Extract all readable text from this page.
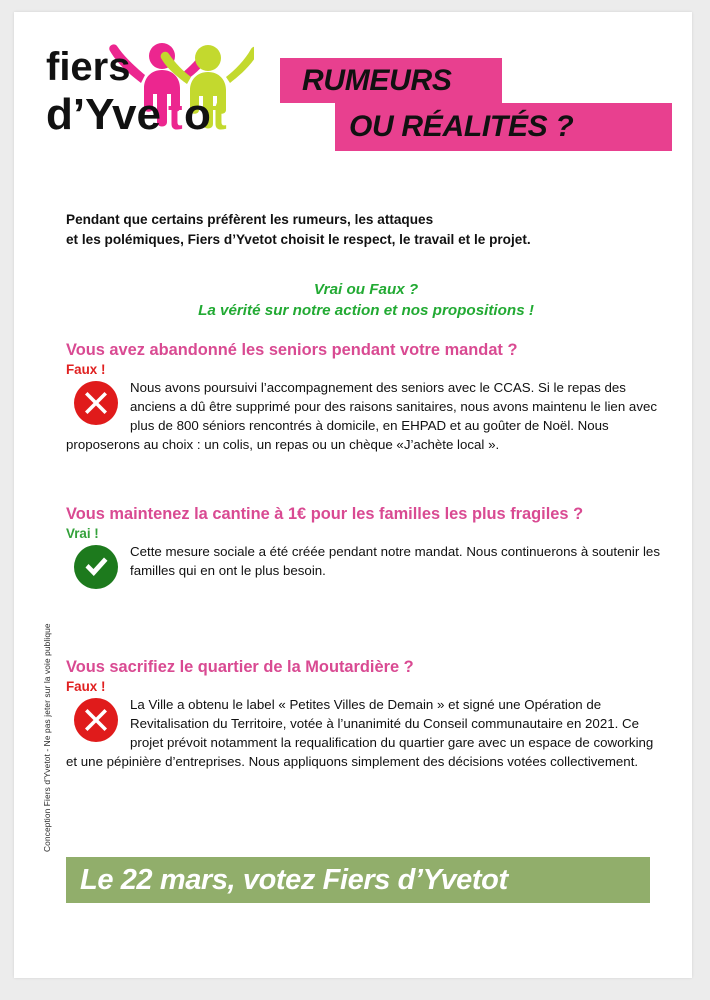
Conception Fiers d’Yvetot - Ne pas jeter sur la voie publique
fiers
d’Yve t o t
RUMEURS
OU RÉALITÉS ?
Pendant que certains préfèrent les rumeurs, les attaques
et les polémiques, Fiers d’Yvetot choisit le respect, le travail et le projet.
Vrai ou Faux ?
La vérité sur notre action et nos propositions !

Vous avez abandonné les seniors pendant votre mandat ?

Faux !

Nous avons poursuivi l’accompagnement des seniors avec le CCAS. Si le repas des anciens a dû être supprimé pour des raisons sanitaires, nous avons maintenu le lien avec plus de 800 séniors rencontrés à domicile, en EHPAD et au goûter de Noël. Nous proposerons au choix : un colis, un repas ou un chèque «J’achète local ».

Vous maintenez la cantine à 1€ pour les familles les plus fragiles ?

Vrai !

Cette mesure sociale a été créée pendant notre mandat. Nous continuerons à soutenir les familles qui en ont le plus besoin.

Vous sacrifiez le quartier de la Moutardière ?

Faux !

La Ville a obtenu le label « Petites Villes de Demain » et signé une Opération de Revitalisation du Territoire, votée à l’unanimité du Conseil communautaire en 2021. Ce projet prévoit notamment la requalification du quartier gare avec un espace de coworking et une pépinière d’entreprises. Nous appliquons simplement des décisions votées collectivement.

Le 22 mars, votez Fiers d’Yvetot
